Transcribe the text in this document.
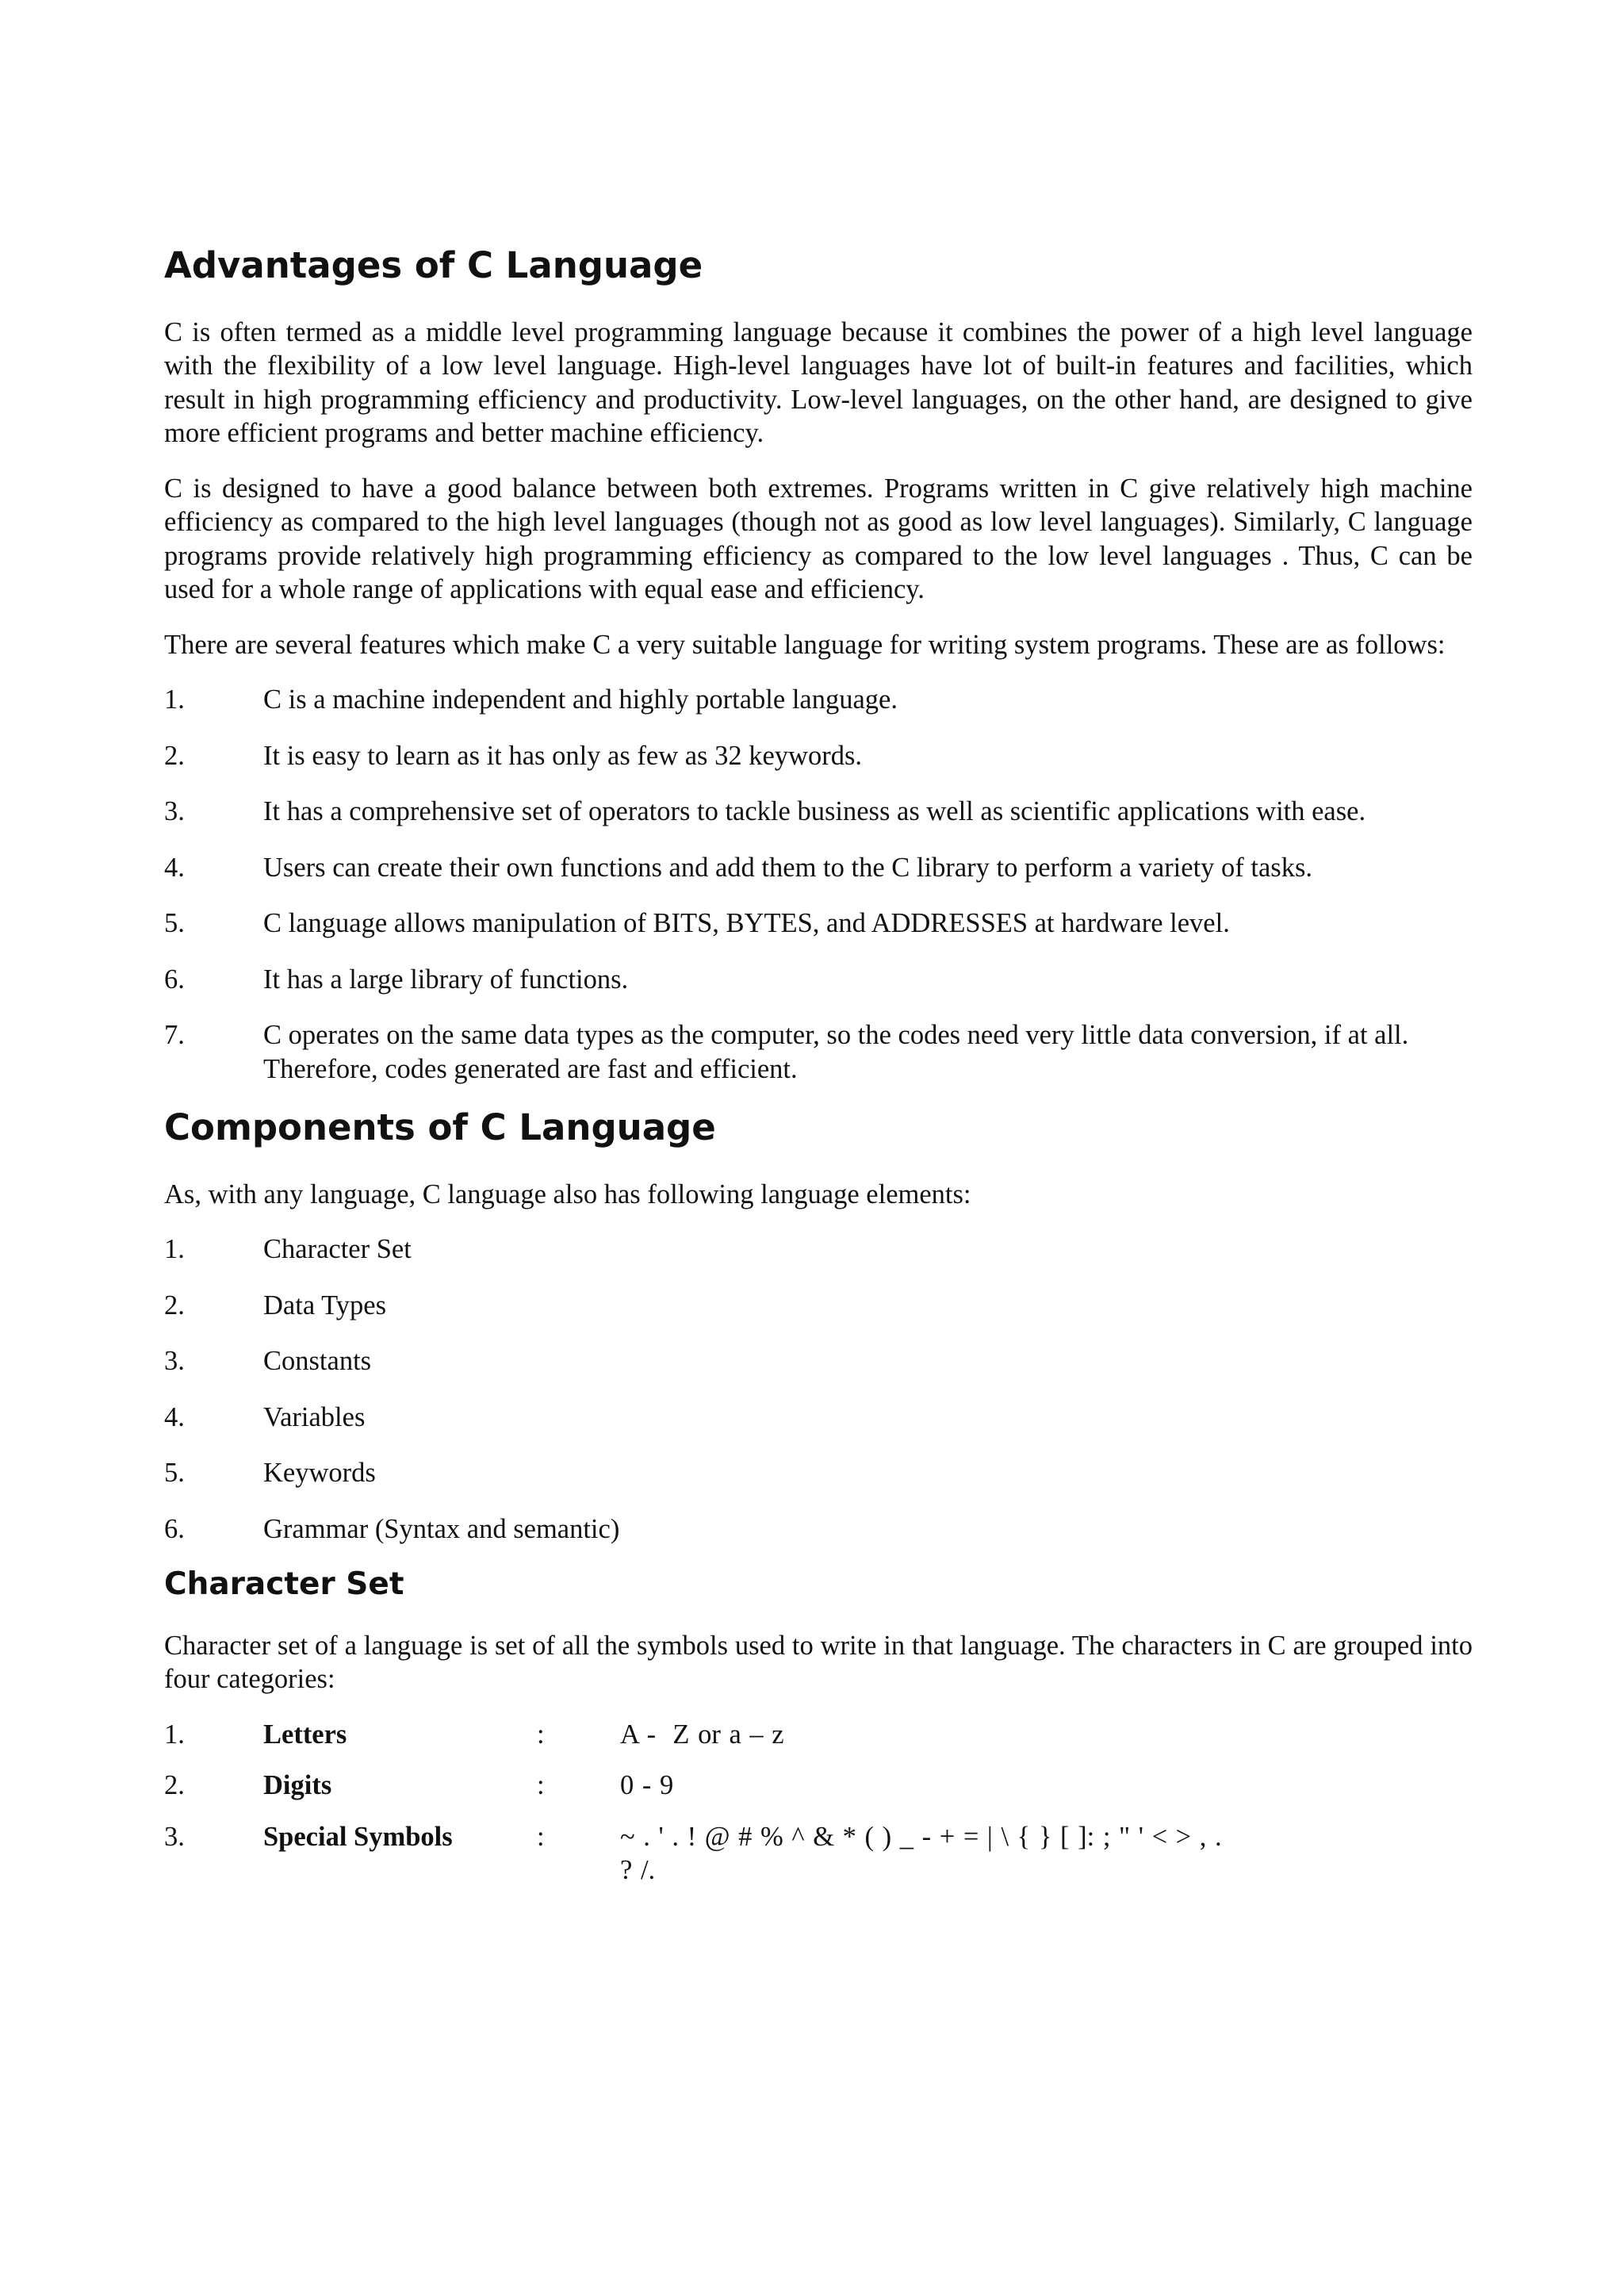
Advantages of C Language

C is often termed as a middle level programming language because it combines the power of a high level language with the flexibility of a low level language. High-level languages have lot of built-in features and facilities, which result in high programming efficiency and productivity. Low-level languages, on the other hand, are designed to give more efficient programs and better machine efficiency.

C is designed to have a good balance between both extremes. Programs written in C give relatively high machine efficiency as compared to the high level languages (though not as good as low level languages). Similarly, C language programs provide relatively high programming efficiency as compared to the low level languages . Thus, C can be used for a whole range of applications with equal ease and efficiency.

There are several features which make C a very suitable language for writing system programs. These are as follows:

1.	C is a machine independent and highly portable language.
2.	It is easy to learn as it has only as few as 32 keywords.
3.	It has a comprehensive set of operators to tackle business as well as scientific applications with ease.
4.	Users can create their own functions and add them to the C library to perform a variety of tasks.
5.	C language allows manipulation of BITS, BYTES, and ADDRESSES at hardware level.
6.	It has a large library of functions.
7.	C operates on the same data types as the computer, so the codes need very little data conversion, if at all. Therefore, codes generated are fast and efficient.
Components of C Language

As, with any language, C language also has following language elements:

1.	Character Set
2.	Data Types
3.	Constants
4.	Variables
5.	Keywords
6.	Grammar (Syntax and semantic)
Character Set

Character set of a language is set of all the symbols used to write in that language. The characters in C are grouped into four categories:

1.	Letters	:	A -  Z or a – z
2.	Digits	:	0 - 9
3.	Special Symbols	:	~ . ' . ! @ # % ^ & * ( ) _ - + = | \ { } [ ]: ; " ' < > , . ? /.
